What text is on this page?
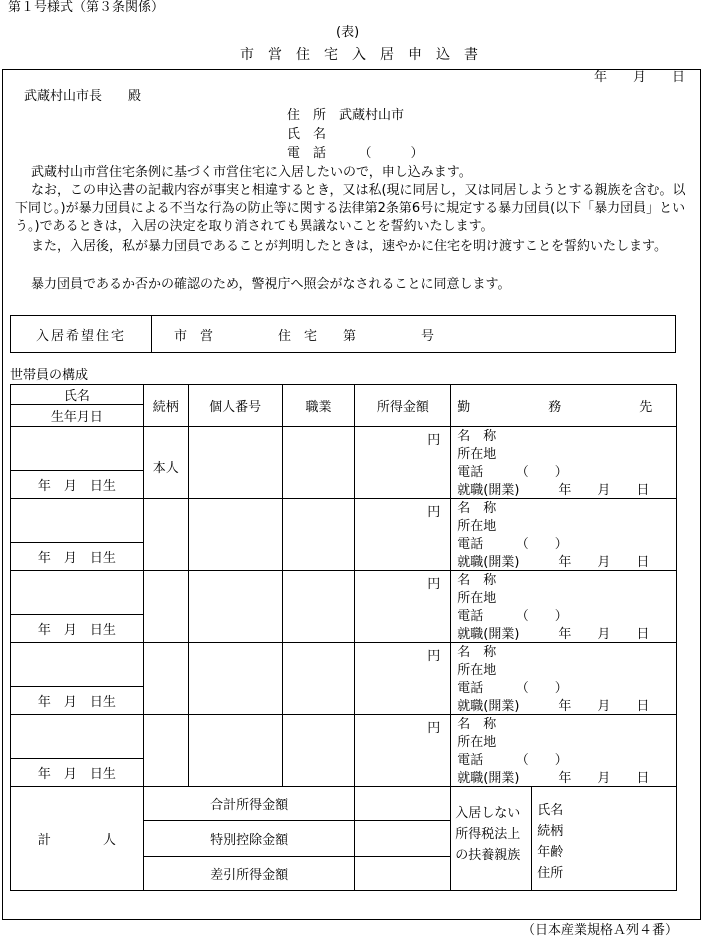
第１号様式（第３条関係）
(表)
市　営　住　宅　入　居　申　込　書
年　　月　　日
武蔵村山市長　　殿
住　所　武蔵村山市
氏　名
電　話　　　（　　　）
武蔵村山市営住宅条例に基づく市営住宅に入居したいので，申し込みます。
なお，この申込書の記載内容が事実と相違するとき，又は私(現に同居し，又は同居しようとする親族を含む。以下同じ。)が暴力団員による不当な行為の防止等に関する法律第2条第6号に規定する暴力団員(以下「暴力団員」という。)であるときは，入居の決定を取り消されても異議ないことを誓約いたします。
また，入居後，私が暴力団員であることが判明したときは，速やかに住宅を明け渡すことを誓約いたします。
暴力団員であるか否かの確認のため，警視庁へ照会がなされることに同意します。
入居希望住宅	市　営　　　　　住　宅　　第　　　　　号
世帯員の構成
氏名	続柄	個人番号	職業	所得金額	勤　　　　　　務　　　　　　先
生年月日					
	本人			円	名　称
所在地
電話　　　（　　）
就職(開業)　　　年　　月　　日

年　月　日生					
				円	名　称
所在地
電話　　　（　　）
就職(開業)　　　年　　月　　日

年　月　日生					
				円	名　称
所在地
電話　　　（　　）
就職(開業)　　　年　　月　　日

年　月　日生					
				円	名　称
所在地
電話　　　（　　）
就職(開業)　　　年　　月　　日

年　月　日生					
				円	名　称
所在地
電話　　　（　　）
就職(開業)　　　年　　月　　日

年　月　日生					
計　　　　人	合計所得金額				入居しない所得税法上の扶養親族
氏名
続柄
年齢
住所

	特別控除金額				
	差引所得金額				
（日本産業規格Ａ列４番）
